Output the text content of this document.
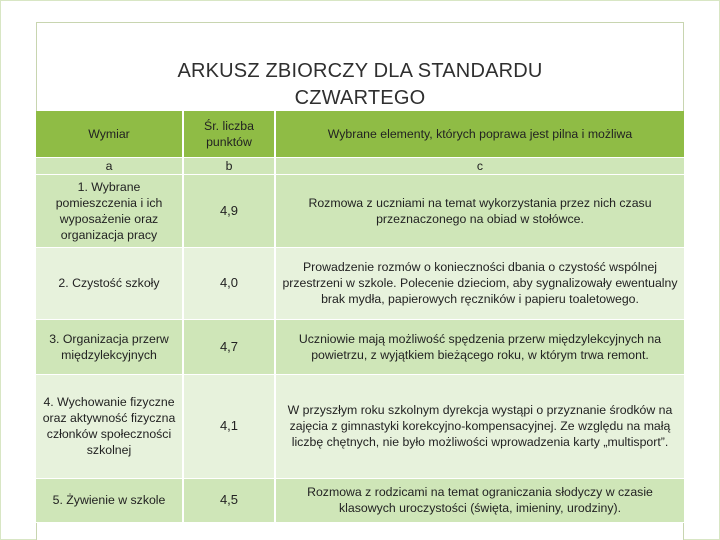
ARKUSZ ZBIORCZY DLA STANDARDU
CZWARTEGO
Wymiar	Śr. liczba punktów	Wybrane elementy, których poprawa jest pilna i możliwa
a	b	c
1. Wybrane pomieszczenia i ich wyposażenie oraz organizacja pracy	4,9	Rozmowa z uczniami na temat wykorzystania przez nich czasu przeznaczonego na obiad w stołówce.
2. Czystość szkoły	4,0	Prowadzenie rozmów o konieczności dbania o czystość wspólnej przestrzeni w szkole. Polecenie dzieciom, aby sygnalizowały ewentualny brak mydła, papierowych ręczników i papieru toaletowego.
3. Organizacja przerw międzylekcyjnych	4,7	Uczniowie mają możliwość spędzenia przerw międzylekcyjnych na powietrzu, z wyjątkiem bieżącego roku, w którym trwa remont.
4. Wychowanie fizyczne oraz aktywność fizyczna członków społeczności szkolnej	4,1	W przyszłym roku szkolnym dyrekcja wystąpi o przyznanie środków na zajęcia z gimnastyki korekcyjno-kompensacyjnej. Ze względu na małą liczbę chętnych, nie było możliwości wprowadzenia karty „multisport”.
5. Żywienie w szkole	4,5	Rozmowa z rodzicami na temat ograniczania słodyczy w czasie klasowych uroczystości (święta, imieniny, urodziny).
